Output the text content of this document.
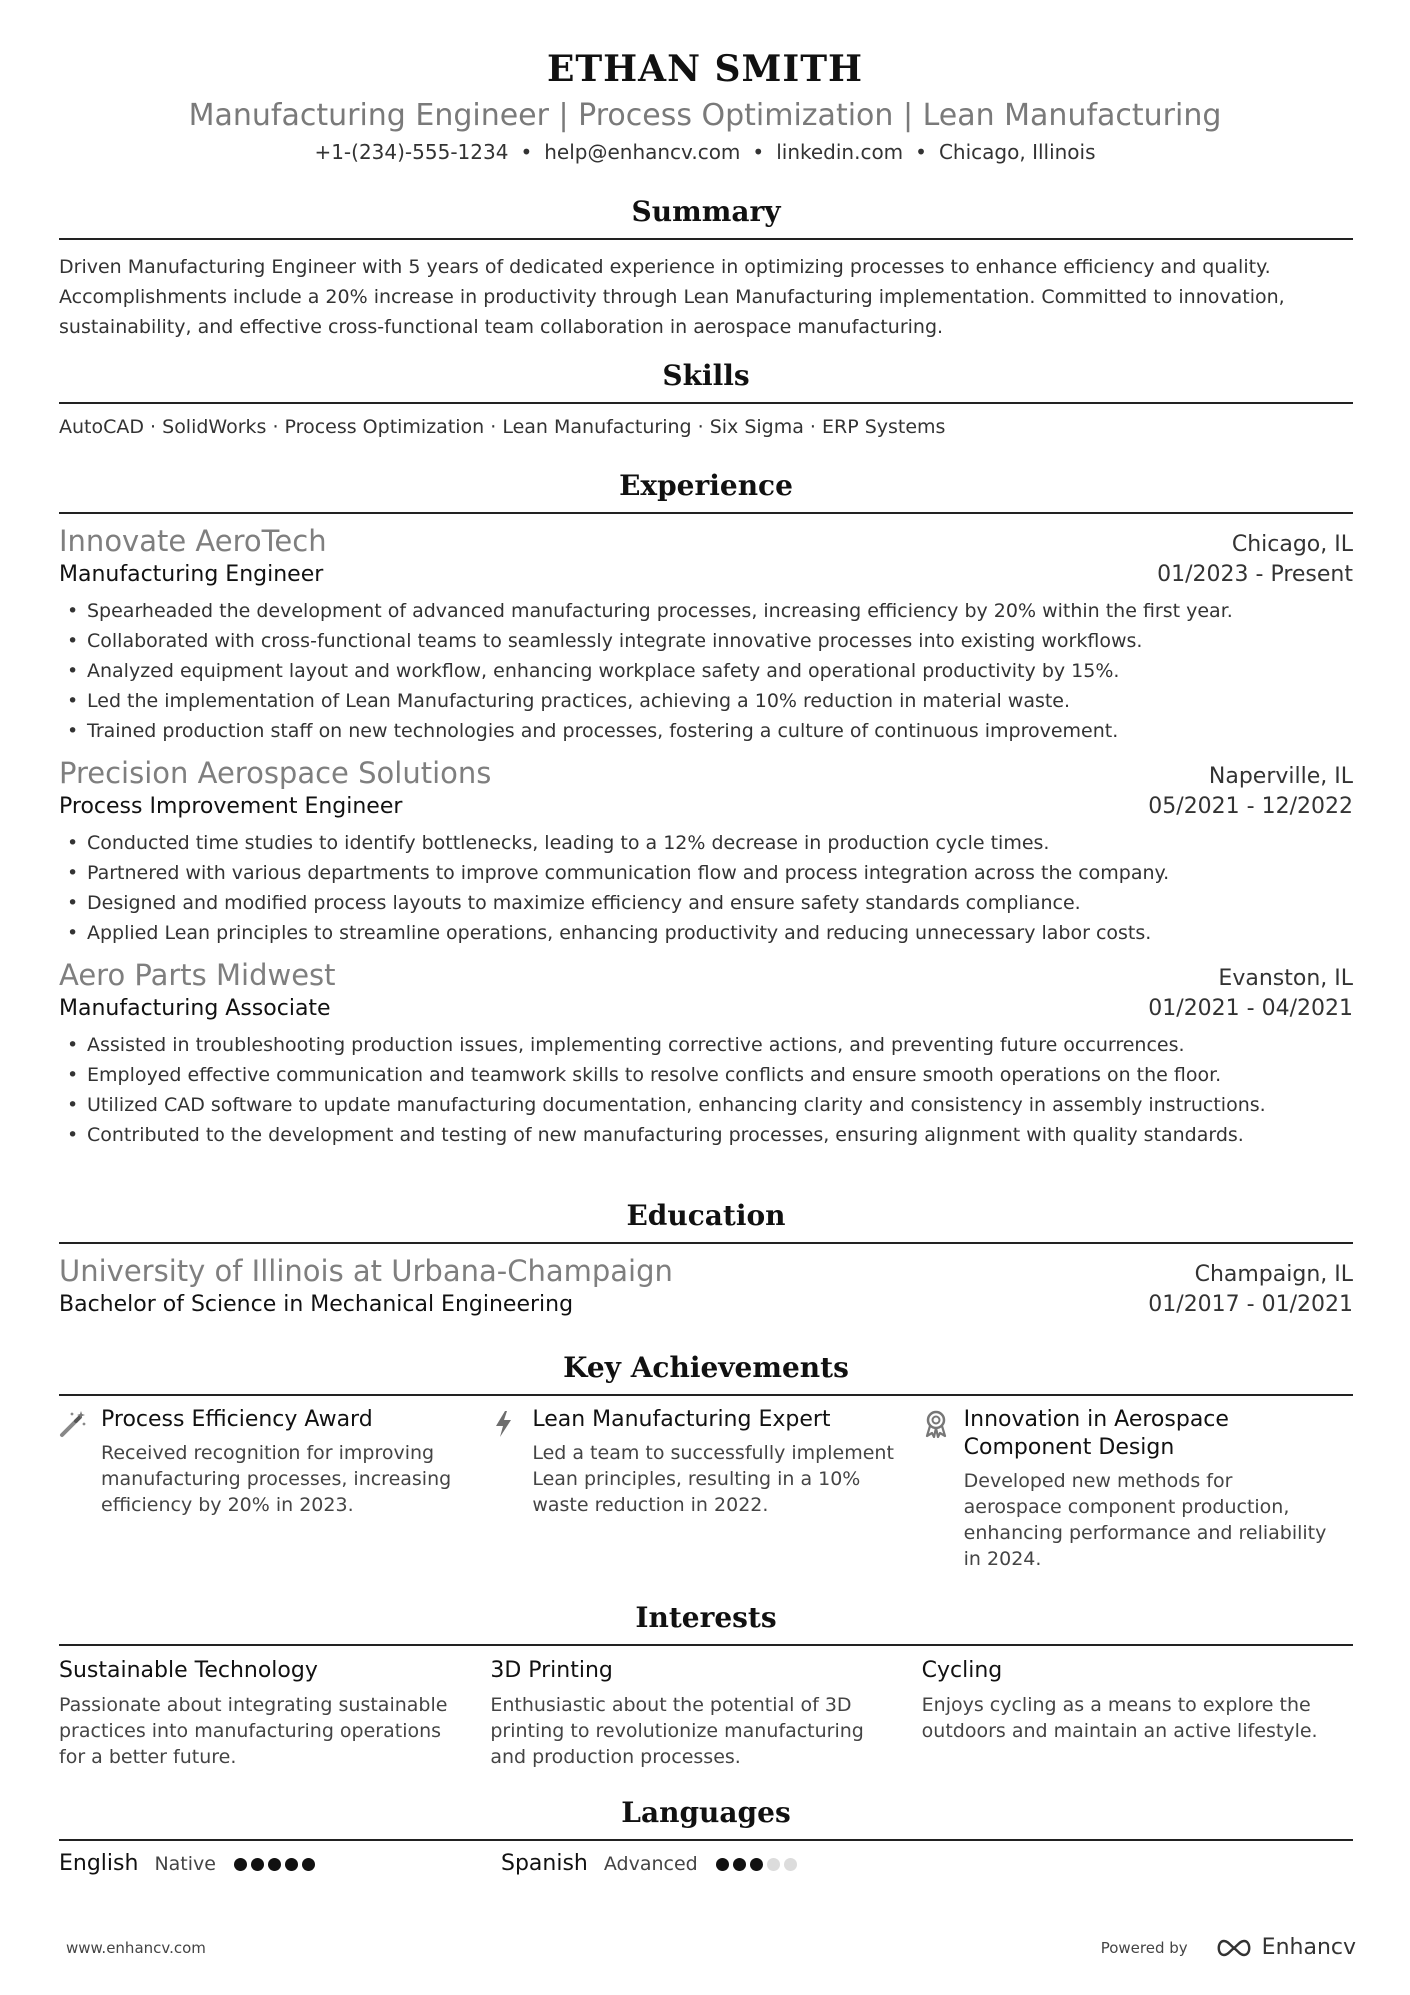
ETHAN SMITH
Manufacturing Engineer | Process Optimization | Lean Manufacturing
+1-(234)-555-1234 • help@enhancv.com • linkedin.com • Chicago, Illinois
Summary
Driven Manufacturing Engineer with 5 years of dedicated experience in optimizing processes to enhance efficiency and quality. Accomplishments include a 20% increase in productivity through Lean Manufacturing implementation. Committed to innovation, sustainability, and effective cross-functional team collaboration in aerospace manufacturing.
Skills
AutoCAD · SolidWorks · Process Optimization · Lean Manufacturing · Six Sigma · ERP Systems
Experience
Innovate AeroTech	Chicago, IL
Manufacturing Engineer	01/2023 - Present
• Spearheaded the development of advanced manufacturing processes, increasing efficiency by 20% within the first year.
• Collaborated with cross-functional teams to seamlessly integrate innovative processes into existing workflows.
• Analyzed equipment layout and workflow, enhancing workplace safety and operational productivity by 15%.
• Led the implementation of Lean Manufacturing practices, achieving a 10% reduction in material waste.
• Trained production staff on new technologies and processes, fostering a culture of continuous improvement.
Precision Aerospace Solutions	Naperville, IL
Process Improvement Engineer	05/2021 - 12/2022
• Conducted time studies to identify bottlenecks, leading to a 12% decrease in production cycle times.
• Partnered with various departments to improve communication flow and process integration across the company.
• Designed and modified process layouts to maximize efficiency and ensure safety standards compliance.
• Applied Lean principles to streamline operations, enhancing productivity and reducing unnecessary labor costs.
Aero Parts Midwest	Evanston, IL
Manufacturing Associate	01/2021 - 04/2021
• Assisted in troubleshooting production issues, implementing corrective actions, and preventing future occurrences.
• Employed effective communication and teamwork skills to resolve conflicts and ensure smooth operations on the floor.
• Utilized CAD software to update manufacturing documentation, enhancing clarity and consistency in assembly instructions.
• Contributed to the development and testing of new manufacturing processes, ensuring alignment with quality standards.
Education
University of Illinois at Urbana-Champaign	Champaign, IL
Bachelor of Science in Mechanical Engineering	01/2017 - 01/2021
Key Achievements
Process Efficiency Award
Received recognition for improving manufacturing processes, increasing efficiency by 20% in 2023.
Lean Manufacturing Expert
Led a team to successfully implement Lean principles, resulting in a 10% waste reduction in 2022.
Innovation in Aerospace Component Design
Developed new methods for aerospace component production, enhancing performance and reliability in 2024.
Interests
Sustainable Technology
Passionate about integrating sustainable practices into manufacturing operations for a better future.
3D Printing
Enthusiastic about the potential of 3D printing to revolutionize manufacturing and production processes.
Cycling
Enjoys cycling as a means to explore the outdoors and maintain an active lifestyle.
Languages
English Native	Spanish Advanced
www.enhancv.com	Powered by	Enhancv
